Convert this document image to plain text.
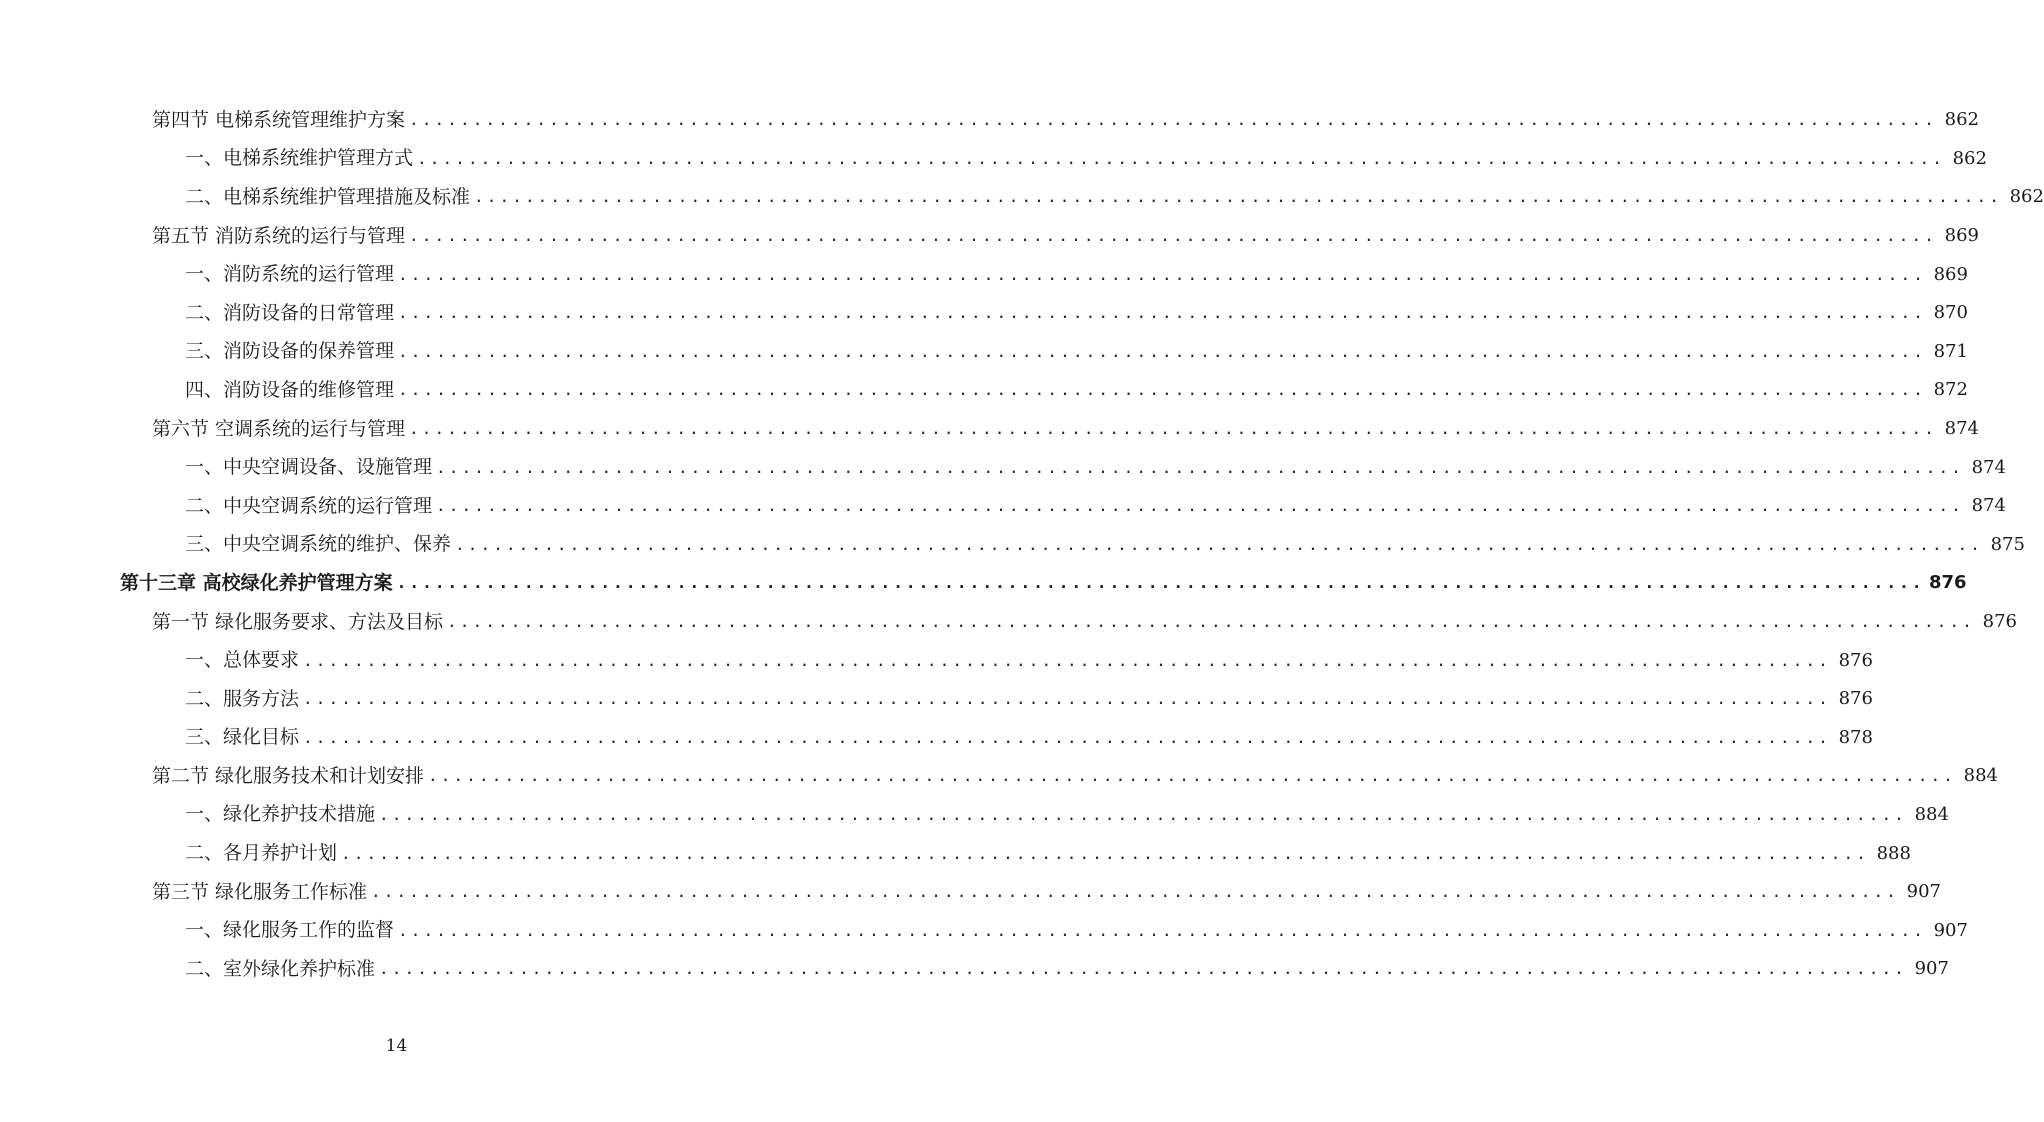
第四节 电梯系统管理维护方案 ........................................................................................................................ 862
一、电梯系统维护管理方式 ........................................................................................................................ 862
二、电梯系统维护管理措施及标准 ........................................................................................................................ 862
第五节 消防系统的运行与管理 ........................................................................................................................ 869
一、消防系统的运行管理 ........................................................................................................................ 869
二、消防设备的日常管理 ........................................................................................................................ 870
三、消防设备的保养管理 ........................................................................................................................ 871
四、消防设备的维修管理 ........................................................................................................................ 872
第六节 空调系统的运行与管理 ........................................................................................................................ 874
一、中央空调设备、设施管理 ........................................................................................................................ 874
二、中央空调系统的运行管理 ........................................................................................................................ 874
三、中央空调系统的维护、保养 ........................................................................................................................ 875
第十三章 高校绿化养护管理方案 ........................................................................................................................ 876
第一节 绿化服务要求、方法及目标 ........................................................................................................................ 876
一、总体要求 ........................................................................................................................ 876
二、服务方法 ........................................................................................................................ 876
三、绿化目标 ........................................................................................................................ 878
第二节 绿化服务技术和计划安排 ........................................................................................................................ 884
一、绿化养护技术措施 ........................................................................................................................ 884
二、各月养护计划 ........................................................................................................................ 888
第三节 绿化服务工作标准 ........................................................................................................................ 907
一、绿化服务工作的监督 ........................................................................................................................ 907
二、室外绿化养护标准 ........................................................................................................................ 907
14
